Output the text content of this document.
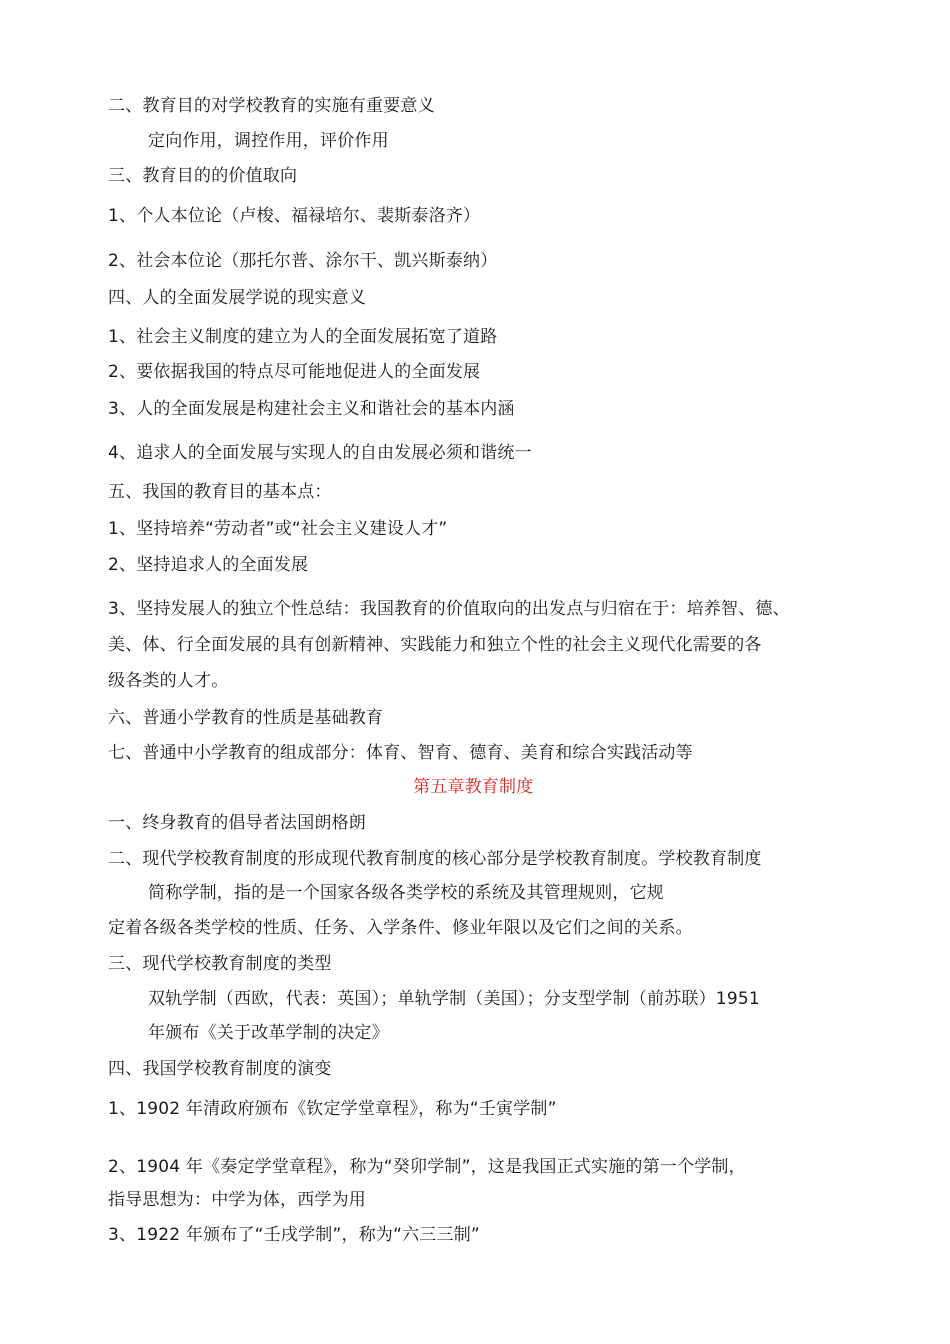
二、教育目的对学校教育的实施有重要意义
定向作用，调控作用，评价作用
三、教育目的的价值取向
1、个人本位论（卢梭、福禄培尔、裴斯泰洛齐）
2、社会本位论（那托尔普、涂尔干、凯兴斯泰纳）
四、人的全面发展学说的现实意义
1、社会主义制度的建立为人的全面发展拓宽了道路
2、要依据我国的特点尽可能地促进人的全面发展
3、人的全面发展是构建社会主义和谐社会的基本内涵
4、追求人的全面发展与实现人的自由发展必须和谐统一
五、我国的教育目的基本点：
1、坚持培养“劳动者”或“社会主义建设人才”
2、坚持追求人的全面发展
3、坚持发展人的独立个性总结：我国教育的价值取向的出发点与归宿在于：培养智、德、
美、体、行全面发展的具有创新精神、实践能力和独立个性的社会主义现代化需要的各
级各类的人才。
六、普通小学教育的性质是基础教育
七、普通中小学教育的组成部分：体育、智育、德育、美育和综合实践活动等
第五章教育制度
一、终身教育的倡导者法国朗格朗
二、现代学校教育制度的形成现代教育制度的核心部分是学校教育制度。学校教育制度
简称学制，指的是一个国家各级各类学校的系统及其管理规则，它规
定着各级各类学校的性质、任务、入学条件、修业年限以及它们之间的关系。
三、现代学校教育制度的类型
双轨学制（西欧，代表：英国）；单轨学制（美国）；分支型学制（前苏联）1951
年颁布《关于改革学制的决定》
四、我国学校教育制度的演变
1、1902 年清政府颁布《钦定学堂章程》，称为“壬寅学制”
2、1904 年《奏定学堂章程》，称为“癸卯学制”，这是我国正式实施的第一个学制，
指导思想为：中学为体，西学为用
3、1922 年颁布了“壬戌学制”，称为“六三三制”
